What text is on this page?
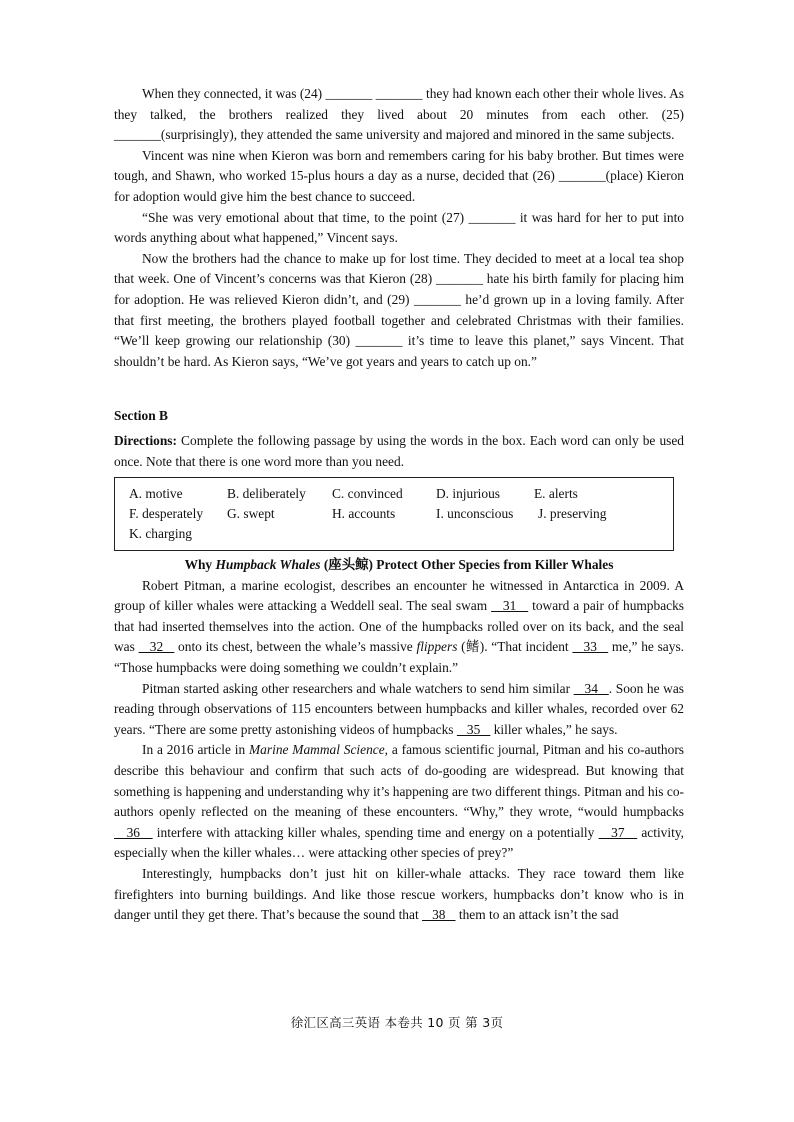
When they connected, it was (24) _______ _______ they had known each other their whole lives. As they talked, the brothers realized they lived about 20 minutes from each other. (25) _______(surprisingly), they attended the same university and majored and minored in the same subjects.

Vincent was nine when Kieron was born and remembers caring for his baby brother. But times were tough, and Shawn, who worked 15-plus hours a day as a nurse, decided that (26) _______(place) Kieron for adoption would give him the best chance to succeed.

“She was very emotional about that time, to the point (27) _______ it was hard for her to put into words anything about what happened,” Vincent says.

Now the brothers had the chance to make up for lost time. They decided to meet at a local tea shop that week. One of Vincent’s concerns was that Kieron (28) _______ hate his birth family for placing him for adoption. He was relieved Kieron didn’t, and (29) _______ he’d grown up in a loving family. After that first meeting, the brothers played football together and celebrated Christmas with their families. “We’ll keep growing our relationship (30) _______ it’s time to leave this planet,” says Vincent. That shouldn’t be hard. As Kieron says, “We’ve got years and years to catch up on.”

Section B

Directions: Complete the following passage by using the words in the box. Each word can only be used once. Note that there is one word more than you need.

A. motive	B. deliberately	C. convinced	D. injurious	E. alerts
F. desperately	G. swept	H. accounts	I. unconscious	J. preserving
K. charging
Why Humpback Whales (座头鲸) Protect Other Species from Killer Whales

Robert Pitman, a marine ecologist, describes an encounter he witnessed in Antarctica in 2009. A group of killer whales were attacking a Weddell seal. The seal swam    31    toward a pair of humpbacks that had inserted themselves into the action. One of the humpbacks rolled over on its back, and the seal was    32    onto its chest, between the whale’s massive flippers (鳍). “That incident    33    me,” he says. “Those humpbacks were doing something we couldn’t explain.”

Pitman started asking other researchers and whale watchers to send him similar    34   . Soon he was reading through observations of 115 encounters between humpbacks and killer whales, recorded over 62 years. “There are some pretty astonishing videos of humpbacks    35    killer whales,” he says.

In a 2016 article in Marine Mammal Science, a famous scientific journal, Pitman and his co-authors describe this behaviour and confirm that such acts of do-gooding are widespread. But knowing that something is happening and understanding why it’s happening are two different things. Pitman and his co-authors openly reflected on the meaning of these encounters. “Why,” they wrote, “would humpbacks    36    interfere with attacking killer whales, spending time and energy on a potentially    37    activity, especially when the killer whales… were attacking other species of prey?”

Interestingly, humpbacks don’t just hit on killer-whale attacks. They race toward them like firefighters into burning buildings. And like those rescue workers, humpbacks don’t know who is in danger until they get there. That’s because the sound that    38    them to an attack isn’t the sad

徐汇区高三英语 本卷共 10 页 第 3页
